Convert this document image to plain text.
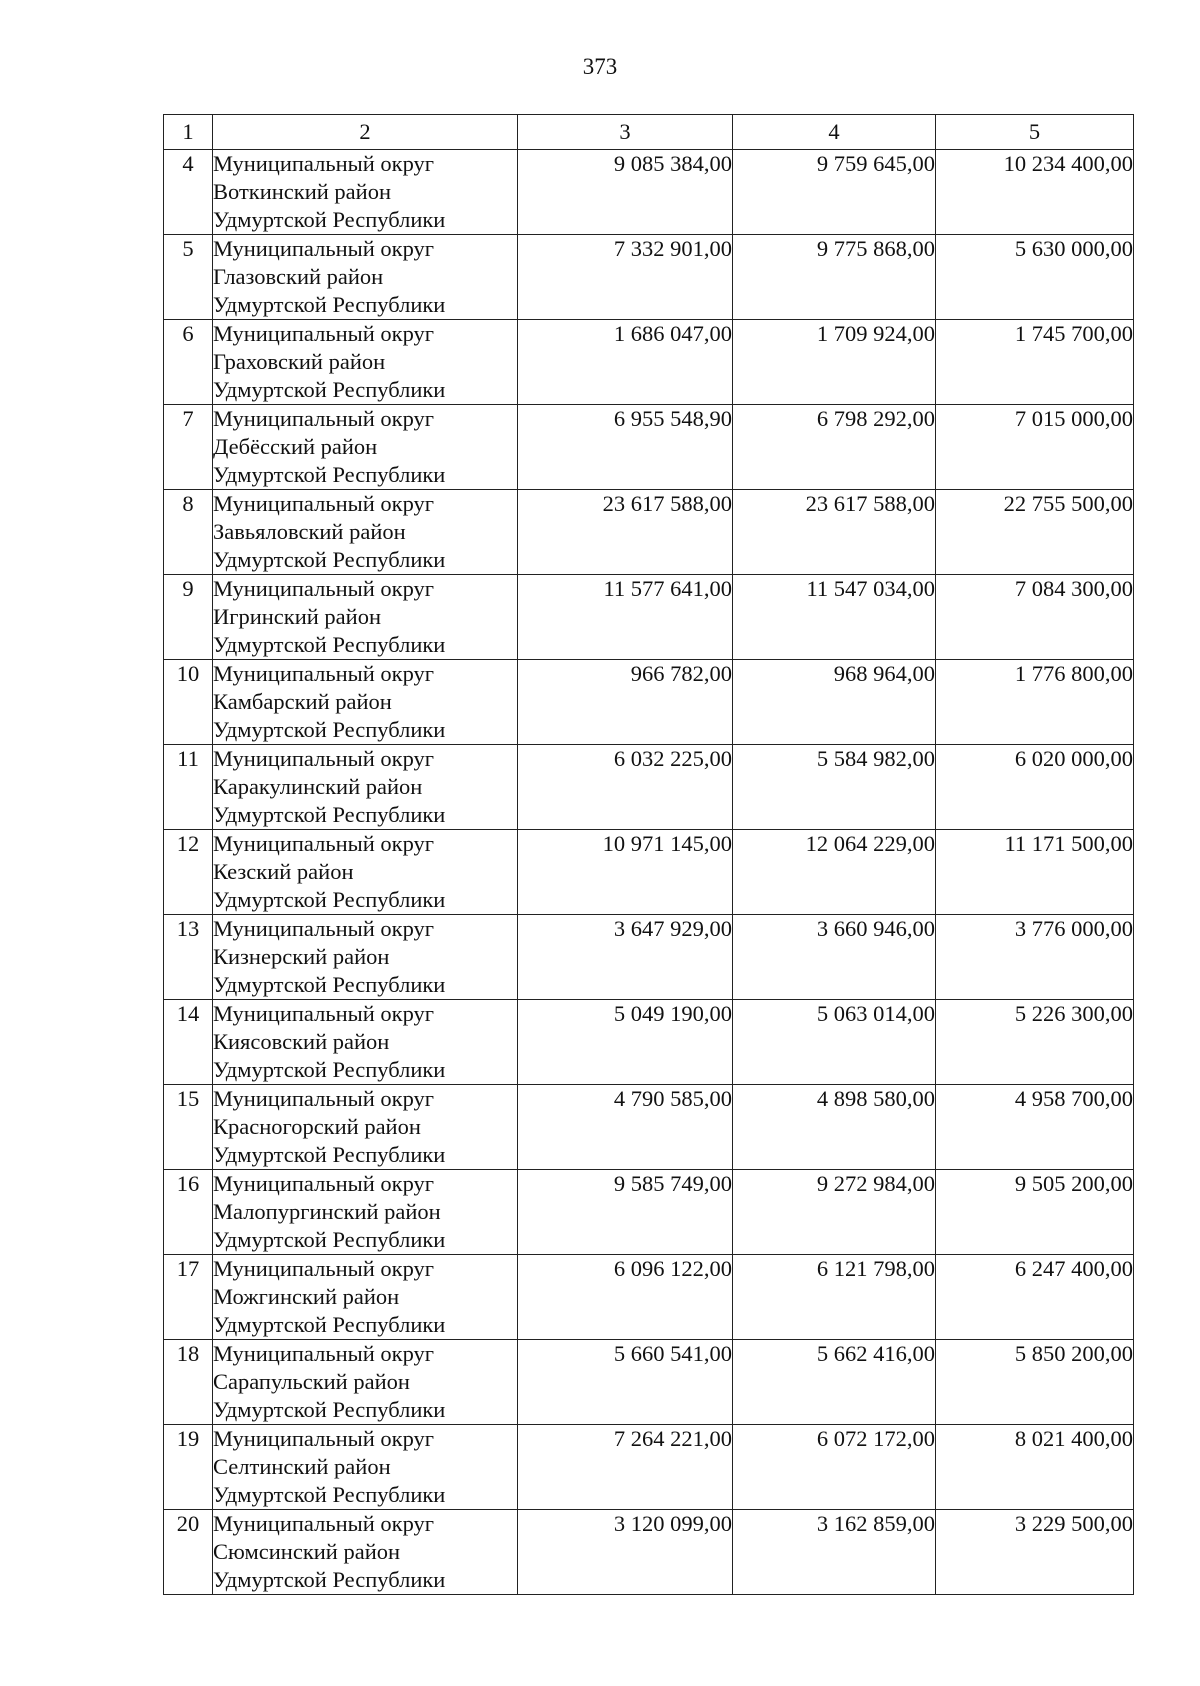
373
1	2	3	4	5
4	Муниципальный округ
Воткинский район
Удмуртской Республики	9 085 384,00	9 759 645,00	10 234 400,00
5	Муниципальный округ
Глазовский район
Удмуртской Республики	7 332 901,00	9 775 868,00	5 630 000,00
6	Муниципальный округ
Граховский район
Удмуртской Республики	1 686 047,00	1 709 924,00	1 745 700,00
7	Муниципальный округ
Дебёсский район
Удмуртской Республики	6 955 548,90	6 798 292,00	7 015 000,00
8	Муниципальный округ
Завьяловский район
Удмуртской Республики	23 617 588,00	23 617 588,00	22 755 500,00
9	Муниципальный округ
Игринский район
Удмуртской Республики	11 577 641,00	11 547 034,00	7 084 300,00
10	Муниципальный округ
Камбарский район
Удмуртской Республики	966 782,00	968 964,00	1 776 800,00
11	Муниципальный округ
Каракулинский район
Удмуртской Республики	6 032 225,00	5 584 982,00	6 020 000,00
12	Муниципальный округ
Кезский район
Удмуртской Республики	10 971 145,00	12 064 229,00	11 171 500,00
13	Муниципальный округ
Кизнерский район
Удмуртской Республики	3 647 929,00	3 660 946,00	3 776 000,00
14	Муниципальный округ
Киясовский район
Удмуртской Республики	5 049 190,00	5 063 014,00	5 226 300,00
15	Муниципальный округ
Красногорский район
Удмуртской Республики	4 790 585,00	4 898 580,00	4 958 700,00
16	Муниципальный округ
Малопургинский район
Удмуртской Республики	9 585 749,00	9 272 984,00	9 505 200,00
17	Муниципальный округ
Можгинский район
Удмуртской Республики	6 096 122,00	6 121 798,00	6 247 400,00
18	Муниципальный округ
Сарапульский район
Удмуртской Республики	5 660 541,00	5 662 416,00	5 850 200,00
19	Муниципальный округ
Селтинский район
Удмуртской Республики	7 264 221,00	6 072 172,00	8 021 400,00
20	Муниципальный округ
Сюмсинский район
Удмуртской Республики	3 120 099,00	3 162 859,00	3 229 500,00
